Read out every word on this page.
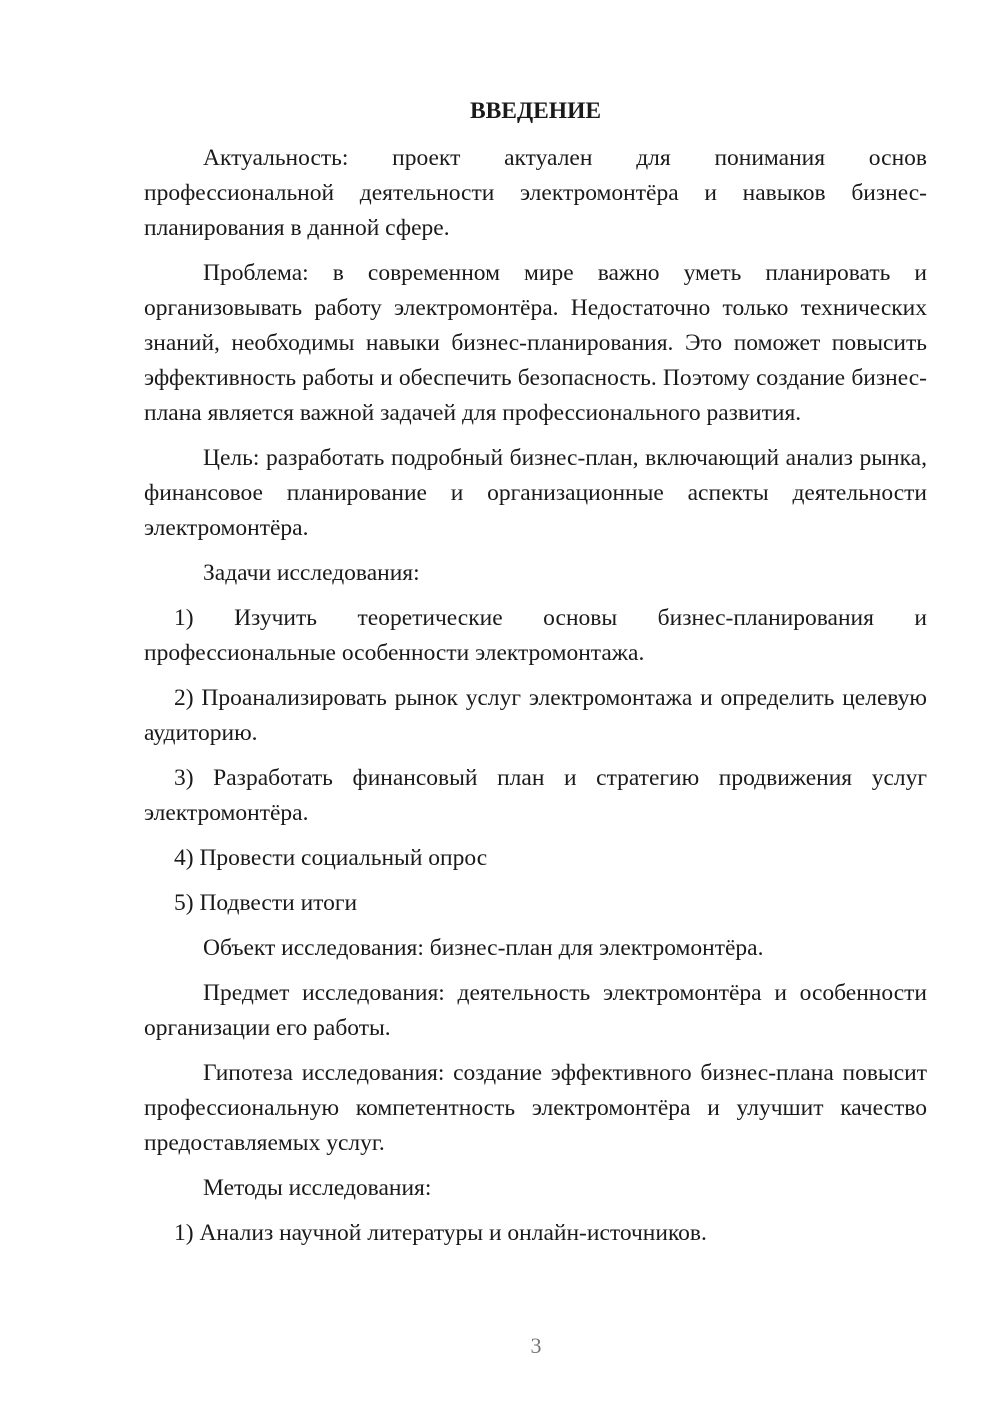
ВВЕДЕНИЕ

Актуальность: проект актуален для понимания основ профессиональной деятельности электромонтёра и навыков бизнес-планирования в данной сфере.

Проблема: в современном мире важно уметь планировать и организовывать работу электромонтёра. Недостаточно только технических знаний, необходимы навыки бизнес-планирования. Это поможет повысить эффективность работы и обеспечить безопасность. Поэтому создание бизнес-плана является важной задачей для профессионального развития.

Цель: разработать подробный бизнес-план, включающий анализ рынка, финансовое планирование и организационные аспекты деятельности электромонтёра.

Задачи исследования:

1) Изучить теоретические основы бизнес-планирования и профессиональные особенности электромонтажа.

2) Проанализировать рынок услуг электромонтажа и определить целевую аудиторию.

3) Разработать финансовый план и стратегию продвижения услуг электромонтёра.

4) Провести социальный опрос

5) Подвести итоги

Объект исследования: бизнес-план для электромонтёра.

Предмет исследования: деятельность электромонтёра и особенности организации его работы.

Гипотеза исследования: создание эффективного бизнес-плана повысит профессиональную компетентность электромонтёра и улучшит качество предоставляемых услуг.

Методы исследования:

1) Анализ научной литературы и онлайн-источников.

3
